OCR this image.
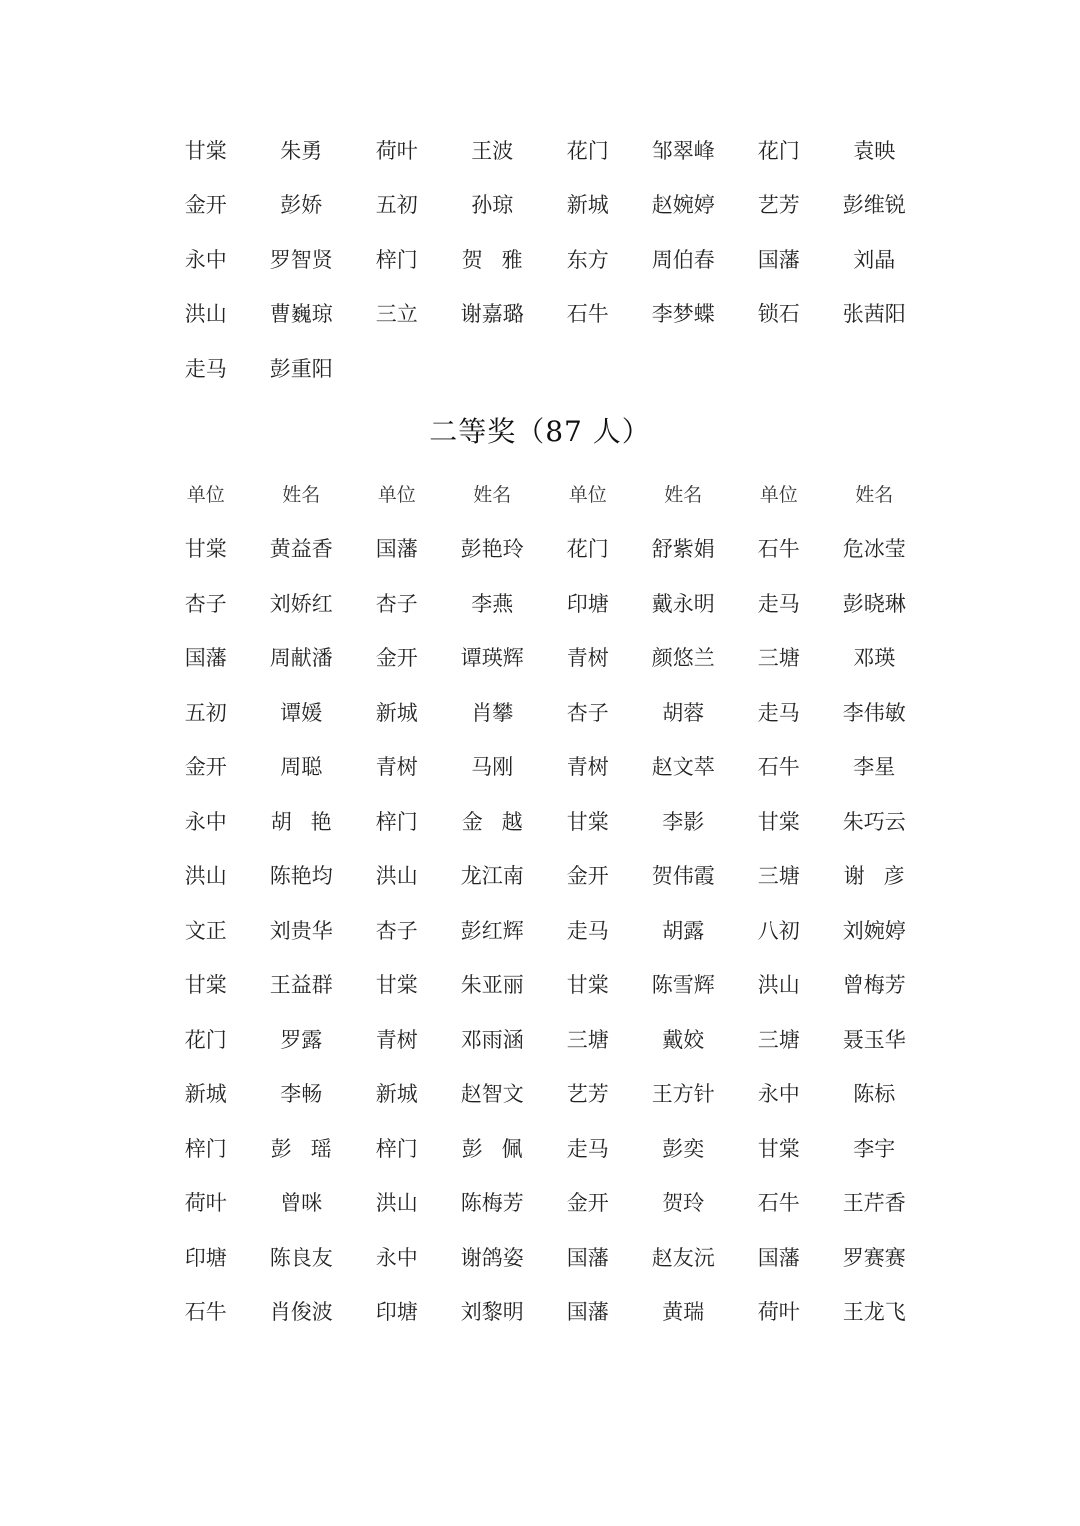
甘棠	朱勇	荷叶	王波	花门	邹翠峰	花门	袁映
金开	彭娇	五初	孙琼	新城	赵婉婷	艺芳	彭维锐
永中	罗智贤	梓门	贺雅	东方	周伯春	国藩	刘晶
洪山	曹巍琼	三立	谢嘉璐	石牛	李梦蝶	锁石	张茜阳
走马	彭重阳
二等奖（87 人）
单位	姓名	单位	姓名	单位	姓名	单位	姓名
甘棠	黄益香	国藩	彭艳玲	花门	舒紫娟	石牛	危冰莹
杏子	刘娇红	杏子	李燕	印塘	戴永明	走马	彭晓琳
国藩	周献潘	金开	谭瑛辉	青树	颜悠兰	三塘	邓瑛
五初	谭媛	新城	肖攀	杏子	胡蓉	走马	李伟敏
金开	周聪	青树	马刚	青树	赵文萃	石牛	李星
永中	胡艳	梓门	金越	甘棠	李影	甘棠	朱巧云
洪山	陈艳均	洪山	龙江南	金开	贺伟霞	三塘	谢彦
文正	刘贵华	杏子	彭红辉	走马	胡露	八初	刘婉婷
甘棠	王益群	甘棠	朱亚丽	甘棠	陈雪辉	洪山	曾梅芳
花门	罗露	青树	邓雨涵	三塘	戴姣	三塘	聂玉华
新城	李畅	新城	赵智文	艺芳	王方针	永中	陈标
梓门	彭瑶	梓门	彭佩	走马	彭奕	甘棠	李宇
荷叶	曾咪	洪山	陈梅芳	金开	贺玲	石牛	王芹香
印塘	陈良友	永中	谢鸽姿	国藩	赵友沅	国藩	罗赛赛
石牛	肖俊波	印塘	刘黎明	国藩	黄瑞	荷叶	王龙飞
